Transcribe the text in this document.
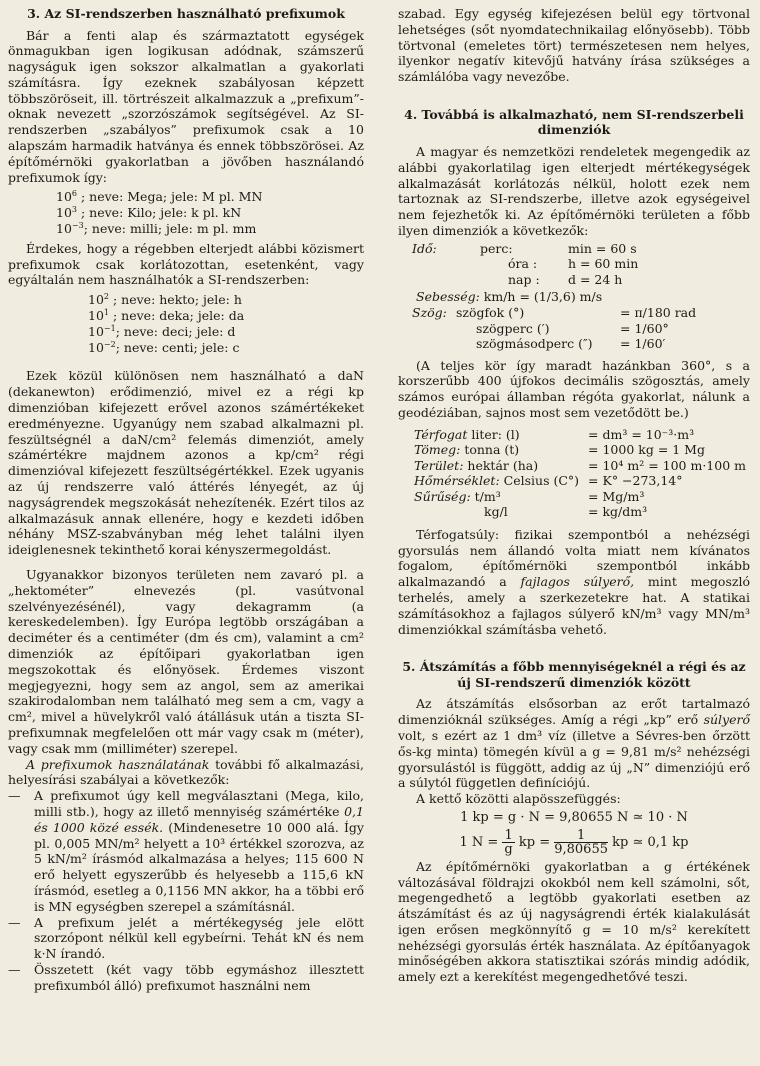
3. Az SI-rendszerben használható prefixumok

Bár a fenti alap és származtatott egységek önmagukban igen logikusan adódnak, számszerű nagyságuk igen sokszor alkalmatlan a gyakorlati számításra. Így ezeknek szabályosan képzett többszöröseit, ill. törtrészeit alkalmazzuk a „prefixum”-oknak nevezett „szorzószámok segítségével. Az SI-rendszerben „szabályos” prefixumok csak a 10 alapszám harmadik hatványa és ennek többszörösei. Az építőmérnöki gyakorlatban a jövőben használandó prefixumok így:

$10^6$ ; neve: Mega; jele: M pl. MN
$10^3$ ; neve: Kilo; jele: k pl. kN
$10^{-3}$; neve: milli; jele: m pl. mm

Érdekes, hogy a régebben elterjedt alábbi közismert prefixumok csak korlátozottan, esetenként, vagy egyáltalán nem használhatók a SI-rendszerben:

$10^2$ ; neve: hekto; jele: h
$10^1$ ; neve: deka; jele: da
$10^{-1}$; neve: deci; jele: d
$10^{-2}$; neve: centi; jele: c

Ezek közül különösen nem használható a daN (dekanewton) erődimenzió, mivel ez a régi kp dimenzióban kifejezett erővel azonos számértékeket eredményezne. Ugyanúgy nem szabad alkalmazni pl. feszültségnél a daN/cm² felemás dimenziót, amely számértékre majdnem azonos a kp/cm² régi dimenzióval kifejezett feszültségértékkel. Ezek ugyanis az új rendszerre való áttérés lényegét, az új nagyságrendek megszokását nehezítenék. Ezért tilos az alkalmazásuk annak ellenére, hogy e kezdeti időben néhány MSZ-szabványban még lehet találni ilyen ideiglenesnek tekinthető korai kényszermegoldást.

Ugyanakkor bizonyos területen nem zavaró pl. a „hektométer” elnevezés (pl. vasútvonal szelvényezésénél), vagy dekagramm (a kereskedelemben). Így Európa legtöbb országában a deciméter és a centiméter (dm és cm), valamint a cm² dimenziók az építőipari gyakorlatban igen megszokottak és előnyösek. Érdemes viszont megjegyezni, hogy sem az angol, sem az amerikai szakirodalomban nem található meg sem a cm, vagy a cm², mivel a hüvelykről való átállásuk után a tiszta SI-prefixumnak megfelelően ott már vagy csak m (méter), vagy csak mm (milliméter) szerepel.

A prefixumok használatának további fő alkalmazási, helyesírási szabályai a következők:

— A prefixumot úgy kell megválasztani (Mega, kilo, milli stb.), hogy az illető mennyiség számértéke 0,1 és 1000 közé essék. (Mindenesetre 10 000 alá. Így pl. 0,005 MN/m² helyett a 10³ értékkel szorozva, az 5 kN/m² írásmód alkalmazása a helyes; 115 600 N erő helyett egyszerűbb és helyesebb a 115,6 kN írásmód, esetleg a 0,1156 MN akkor, ha a többi erő is MN egységben szerepel a számításnál.
— A prefixum jelét a mértékegység jele elött szorzópont nélkül kell egybeírni. Tehát kN és nem k·N írandó.
— Összetett (két vagy több egymáshoz illesztett prefixumból álló) prefixumot használni nem

szabad. Egy egység kifejezésen belül egy törtvonal lehetséges (sőt nyomdatechnikailag előnyösebb). Több törtvonal (emeletes tört) természetesen nem helyes, ilyenkor negatív kitevőjű hatvány írása szükséges a számlálóba vagy nevezőbe.

4. Továbbá is alkalmazható, nem SI-rendszerbeli dimenziók

A magyar és nemzetközi rendeletek megengedik az alábbi gyakorlatilag igen elterjedt mértékegységek alkalmazását korlátozás nélkül, holott ezek nem tartoznak az SI-rendszerbe, illetve azok egységeivel nem fejezhetők ki. Az építőmérnöki területen a főbb ilyen dimenziók a következők:

Idő:	perc:	min = 60 s
	óra :	h = 60 min
	nap :	d = 24 h
Sebesség: km/h = (1/3,6) m/s
Szög:	szögfok (°)	= π/180 rad
	szögperc (′)	= 1/60°
	szögmásodperc (″)	= 1/60′

(A teljes kör így maradt hazánkban 360°, s a korszerűbb 400 újfokos decimális szögosztás, amely számos európai államban régóta gyakorlat, nálunk a geodéziában, sajnos most sem vezetődött be.)

Térfogat liter: (l)	= dm³ = 10⁻³·m³
Tömeg: tonna (t)	= 1000 kg = 1 Mg
Terület: hektár (ha)	= 10⁴ m² = 100 m·100 m
Hőmérséklet: Celsius (C°)	= K° −273,14°
Sűrűség: t/m³	= Mg/m³
kg/l	= kg/dm³

Térfogatsúly: fizikai szempontból a nehézségi gyorsulás nem állandó volta miatt nem kívánatos fogalom, építőmérnöki szempontból inkább alkalmazandó a fajlagos súlyerő, mint megoszló terhelés, amely a szerkezetekre hat. A statikai számításokhoz a fajlagos súlyerő kN/m³ vagy MN/m³ dimenziókkal számításba vehető.

5. Átszámítás a főbb mennyiségeknél a régi és az új SI-rendszerű dimenziók között

Az átszámítás elsősorban az erőt tartalmazó dimenzióknál szükséges. Amíg a régi „kp” erő súlyerő volt, s ezért az 1 dm³ víz (illetve a Sévres-ben őrzött ős-kg minta) tömegén kívül a g = 9,81 m/s² nehézségi gyorsulástól is függött, addig az új „N” dimenziójú erő a súlytól független definíciójú.

A kettő közötti alapösszefüggés:

1 kp = g · N = 9,80655 N ≃ 10 · N
1 $N = \frac{1}{g}$ kp = $\frac{1}{9,80655}$ kp ≃ 0,1 kp

Az építőmérnöki gyakorlatban a g értékének változásával földrajzi okokból nem kell számolni, sőt, megengedhető a legtöbb gyakorlati esetben az átszámítást és az új nagyságrendi érték kialakulását igen erősen megkönnyítő g = 10 m/s² kerekített nehézségi gyorsulás érték használata. Az építőanyagok minőségében akkora statisztikai szórás mindig adódik, amely ezt a kerekítést megengedhetővé teszi.
